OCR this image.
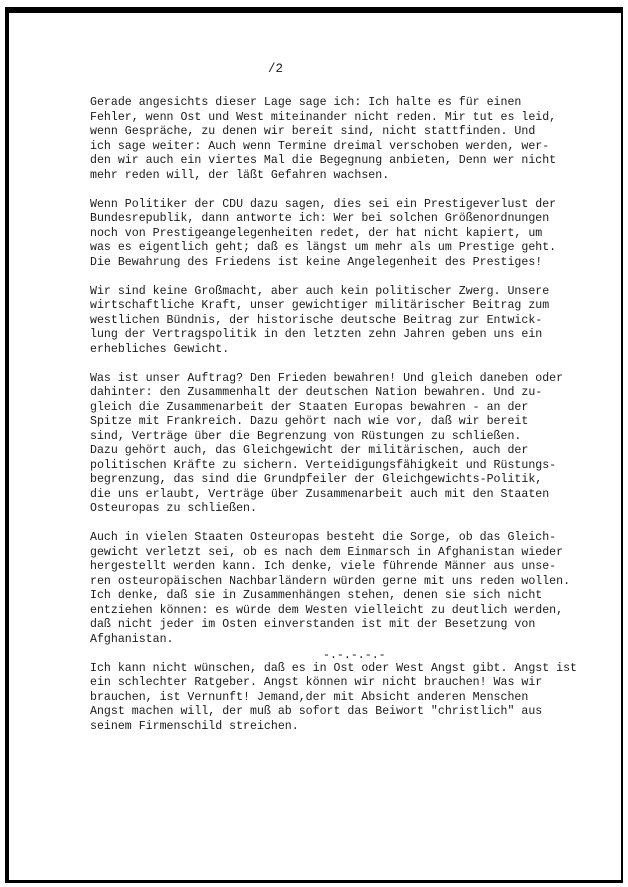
/2
Gerade angesichts dieser Lage sage ich: Ich halte es für einen
Fehler, wenn Ost und West miteinander nicht reden. Mir tut es leid,
wenn Gespräche, zu denen wir bereit sind, nicht stattfinden. Und
ich sage weiter: Auch wenn Termine dreimal verschoben werden, wer-
den wir auch ein viertes Mal die Begegnung anbieten, Denn wer nicht
mehr reden will, der läßt Gefahren wachsen.
Wenn Politiker der CDU dazu sagen, dies sei ein Prestigeverlust der
Bundesrepublik, dann antworte ich: Wer bei solchen Größenordnungen
noch von Prestigeangelegenheiten redet, der hat nicht kapiert, um
was es eigentlich geht; daß es längst um mehr als um Prestige geht.
Die Bewahrung des Friedens ist keine Angelegenheit des Prestiges!
Wir sind keine Großmacht, aber auch kein politischer Zwerg. Unsere
wirtschaftliche Kraft, unser gewichtiger militärischer Beitrag zum
westlichen Bündnis, der historische deutsche Beitrag zur Entwick-
lung der Vertragspolitik in den letzten zehn Jahren geben uns ein
erhebliches Gewicht.
Was ist unser Auftrag? Den Frieden bewahren! Und gleich daneben oder
dahinter: den Zusammenhalt der deutschen Nation bewahren. Und zu-
gleich die Zusammenarbeit der Staaten Europas bewahren - an der
Spitze mit Frankreich. Dazu gehört nach wie vor, daß wir bereit
sind, Verträge über die Begrenzung von Rüstungen zu schließen.
Dazu gehört auch, das Gleichgewicht der militärischen, auch der
politischen Kräfte zu sichern. Verteidigungsfähigkeit und Rüstungs-
begrenzung, das sind die Grundpfeiler der Gleichgewichts-Politik,
die uns erlaubt, Verträge über Zusammenarbeit auch mit den Staaten
Osteuropas zu schließen.
Auch in vielen Staaten Osteuropas besteht die Sorge, ob das Gleich-
gewicht verletzt sei, ob es nach dem Einmarsch in Afghanistan wieder
hergestellt werden kann. Ich denke, viele führende Männer aus unse-
ren osteuropäischen Nachbarländern würden gerne mit uns reden wollen.
Ich denke, daß sie in Zusammenhängen stehen, denen sie sich nicht
entziehen können: es würde dem Westen vielleicht zu deutlich werden,
daß nicht jeder im Osten einverstanden ist mit der Besetzung von
Afghanistan.
Ich kann nicht wünschen, daß es in Ost oder West Angst gibt. Angst ist
ein schlechter Ratgeber. Angst können wir nicht brauchen! Was wir
brauchen, ist Vernunft! Jemand,der mit Absicht anderen Menschen
Angst machen will, der muß ab sofort das Beiwort "christlich" aus
seinem Firmenschild streichen.
-.-.-.-.-
